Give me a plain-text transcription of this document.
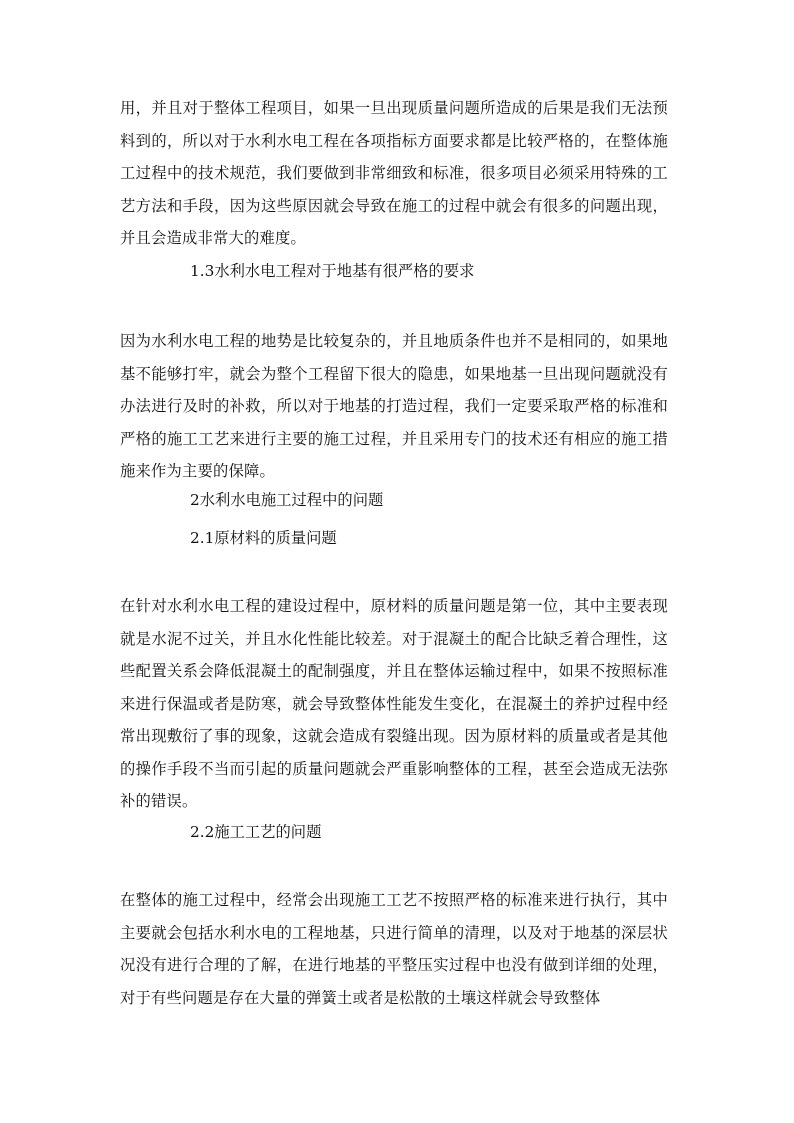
用，并且对于整体工程项目，如果一旦出现质量问题所造成的后果是我们无法预料到的，所以对于水利水电工程在各项指标方面要求都是比较严格的，在整体施工过程中的技术规范，我们要做到非常细致和标准，很多项目必须采用特殊的工艺方法和手段，因为这些原因就会导致在施工的过程中就会有很多的问题出现，并且会造成非常大的难度。

1.3水利水电工程对于地基有很严格的要求

因为水利水电工程的地势是比较复杂的，并且地质条件也并不是相同的，如果地基不能够打牢，就会为整个工程留下很大的隐患，如果地基一旦出现问题就没有办法进行及时的补救，所以对于地基的打造过程，我们一定要采取严格的标准和严格的施工工艺来进行主要的施工过程，并且采用专门的技术还有相应的施工措施来作为主要的保障。

2水利水电施工过程中的问题

2.1原材料的质量问题

在针对水利水电工程的建设过程中，原材料的质量问题是第一位，其中主要表现就是水泥不过关，并且水化性能比较差。对于混凝土的配合比缺乏着合理性，这些配置关系会降低混凝土的配制强度，并且在整体运输过程中，如果不按照标准来进行保温或者是防寒，就会导致整体性能发生变化，在混凝土的养护过程中经常出现敷衍了事的现象，这就会造成有裂缝出现。因为原材料的质量或者是其他的操作手段不当而引起的质量问题就会严重影响整体的工程，甚至会造成无法弥补的错误。

2.2施工工艺的问题

在整体的施工过程中，经常会出现施工工艺不按照严格的标准来进行执行，其中主要就会包括水利水电的工程地基，只进行简单的清理，以及对于地基的深层状况没有进行合理的了解，在进行地基的平整压实过程中也没有做到详细的处理，对于有些问题是存在大量的弹簧土或者是松散的土壤这样就会导致整体
